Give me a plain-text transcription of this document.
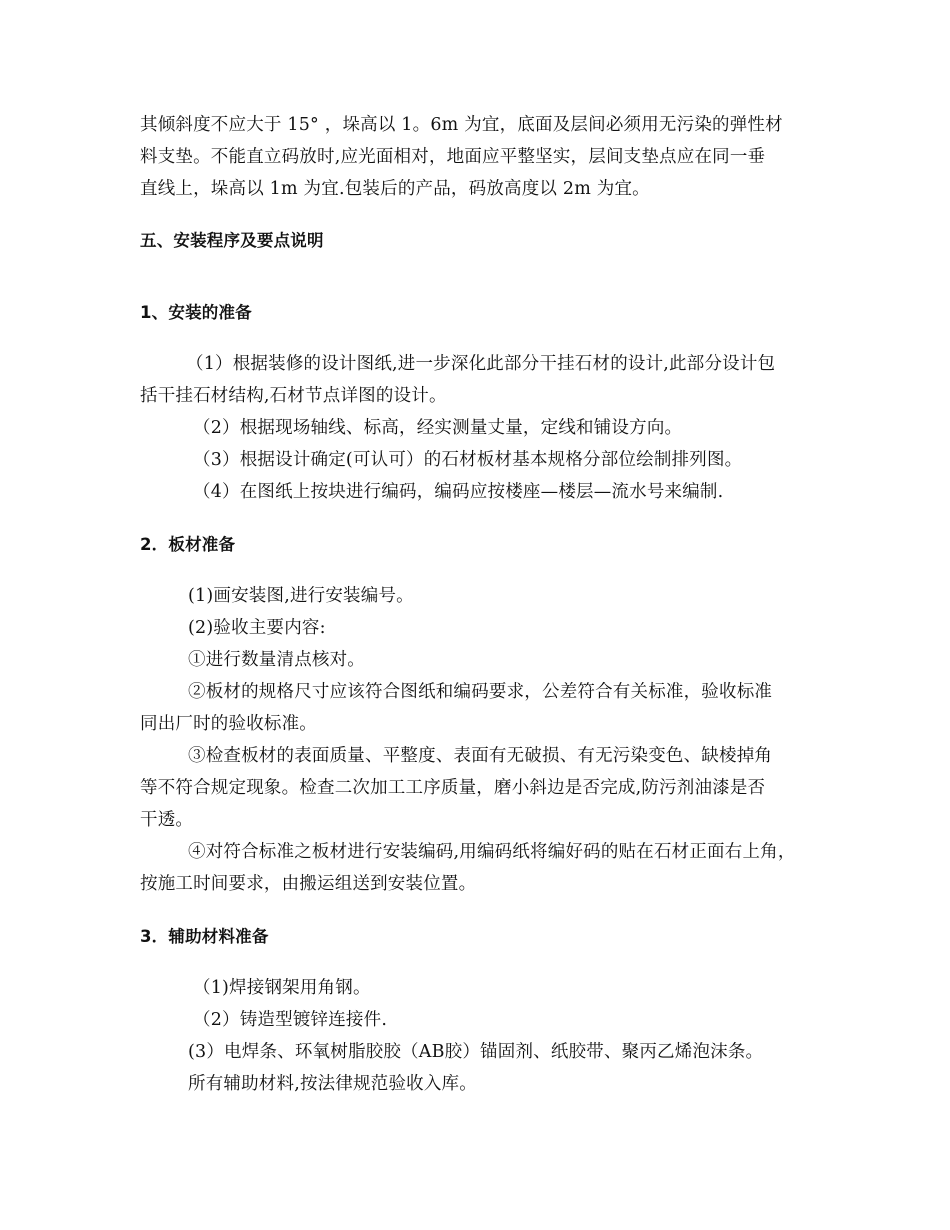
其倾斜度不应大于 15° ，垛高以 1。6m 为宜，底面及层间必须用无污染的弹性材
料支垫。不能直立码放时,应光面相对，地面应平整坚实，层间支垫点应在同一垂
直线上，垛高以 1m 为宜.包装后的产品，码放高度以 2m 为宜。
五、安装程序及要点说明
1、安装的准备
（1）根据装修的设计图纸,进一步深化此部分干挂石材的设计,此部分设计包
括干挂石材结构,石材节点详图的设计。
（2）根据现场轴线、标高，经实测量丈量，定线和铺设方向。
（3）根据设计确定(可认可）的石材板材基本规格分部位绘制排列图。
（4）在图纸上按块进行编码，编码应按楼座—楼层—流水号来编制.
2．板材准备
(1)画安装图,进行安装编号。
(2)验收主要内容:
①进行数量清点核对。
②板材的规格尺寸应该符合图纸和编码要求，公差符合有关标准，验收标准
同出厂时的验收标准。
③检查板材的表面质量、平整度、表面有无破损、有无污染变色、缺棱掉角
等不符合规定现象。检查二次加工工序质量，磨小斜边是否完成,防污剂油漆是否
干透。
④对符合标准之板材进行安装编码,用编码纸将编好码的贴在石材正面右上角，
按施工时间要求，由搬运组送到安装位置。
3．辅助材料准备
（1)焊接钢架用角钢。
（2）铸造型镀锌连接件.
(3）电焊条、环氧树脂胶胶（AB胶）锚固剂、纸胶带、聚丙乙烯泡沫条。
所有辅助材料,按法律规范验收入库。
